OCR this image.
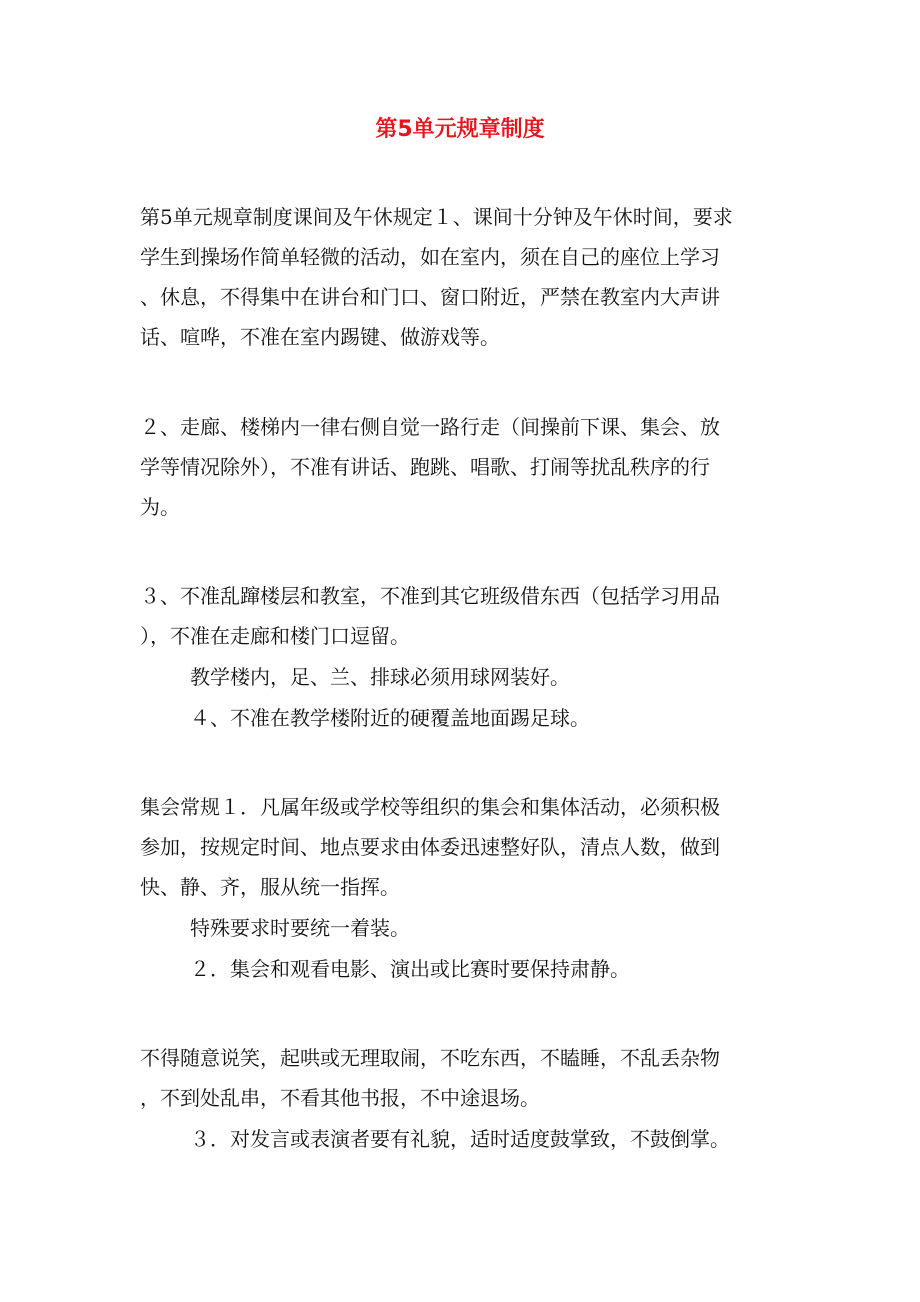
第5单元规章制度
第5单元规章制度课间及午休规定１、课间十分钟及午休时间，要求
学生到操场作简单轻微的活动，如在室内，须在自己的座位上学习
、休息，不得集中在讲台和门口、窗口附近，严禁在教室内大声讲
话、喧哗，不准在室内踢键、做游戏等。
２、走廊、楼梯内一律右侧自觉一路行走（间操前下课、集会、放
学等情况除外），不准有讲话、跑跳、唱歌、打闹等扰乱秩序的行
为。
３、不准乱蹿楼层和教室，不准到其它班级借东西（包括学习用品
），不准在走廊和楼门口逗留。
教学楼内，足、兰、排球必须用球网装好。
４、不准在教学楼附近的硬覆盖地面踢足球。
集会常规１．凡属年级或学校等组织的集会和集体活动，必须积极
参加，按规定时间、地点要求由体委迅速整好队，清点人数，做到
快、静、齐，服从统一指挥。
特殊要求时要统一着装。
２．集会和观看电影、演出或比赛时要保持肃静。
不得随意说笑，起哄或无理取闹，不吃东西，不瞌睡，不乱丢杂物
，不到处乱串，不看其他书报，不中途退场。
３．对发言或表演者要有礼貌，适时适度鼓掌致，不鼓倒掌。
